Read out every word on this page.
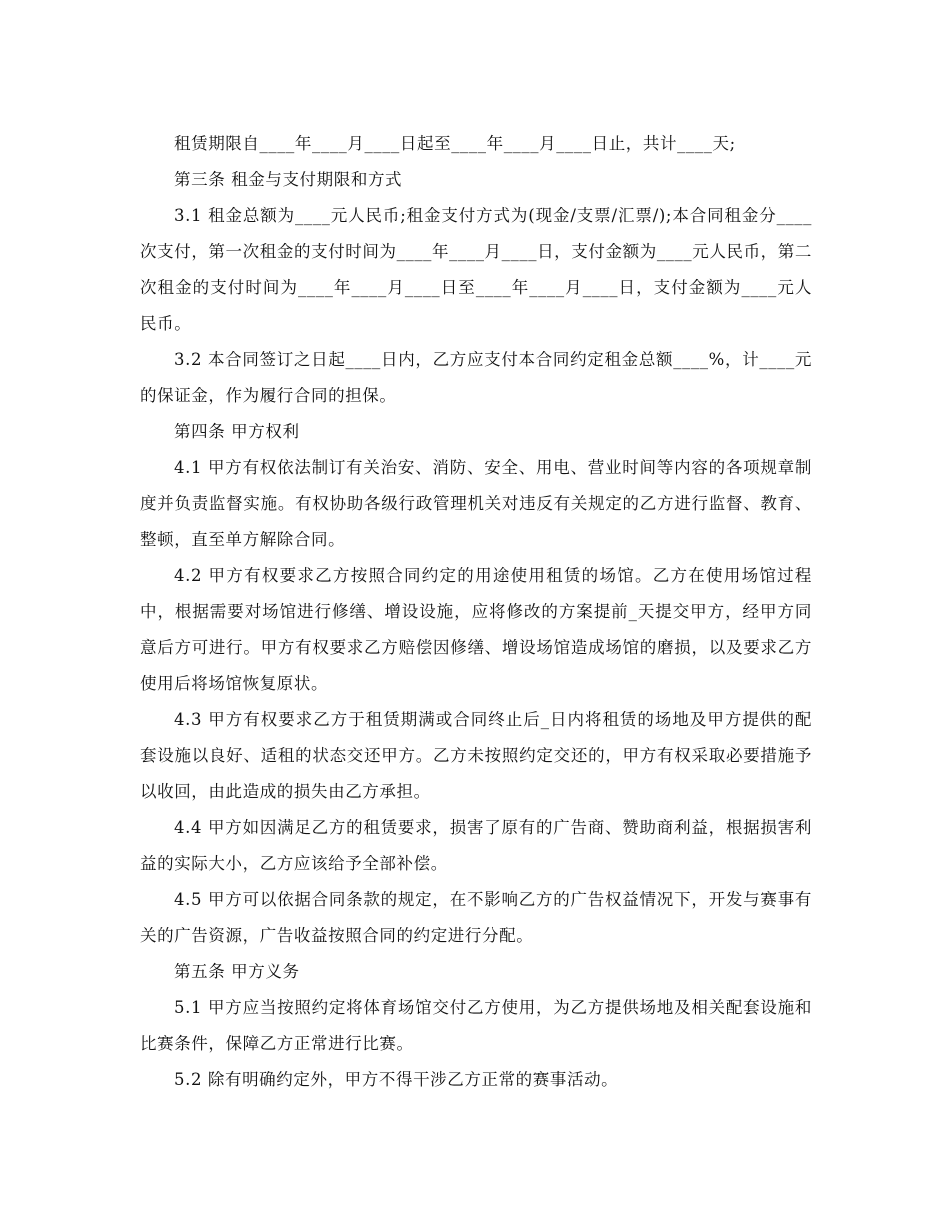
租赁期限自____年____月____日起至____年____月____日止，共计____天;

第三条 租金与支付期限和方式

3.1 租金总额为____元人民币;租金支付方式为(现金/支票/汇票/);本合同租金分____次支付，第一次租金的支付时间为____年____月____日，支付金额为____元人民币，第二次租金的支付时间为____年____月____日至____年____月____日，支付金额为____元人民币。

3.2 本合同签订之日起____日内，乙方应支付本合同约定租金总额____%，计____元的保证金，作为履行合同的担保。

第四条 甲方权利

4.1 甲方有权依法制订有关治安、消防、安全、用电、营业时间等内容的各项规章制度并负责监督实施。有权协助各级行政管理机关对违反有关规定的乙方进行监督、教育、整顿，直至单方解除合同。

4.2 甲方有权要求乙方按照合同约定的用途使用租赁的场馆。乙方在使用场馆过程中，根据需要对场馆进行修缮、增设设施，应将修改的方案提前_天提交甲方，经甲方同意后方可进行。甲方有权要求乙方赔偿因修缮、增设场馆造成场馆的磨损，以及要求乙方使用后将场馆恢复原状。

4.3 甲方有权要求乙方于租赁期满或合同终止后_日内将租赁的场地及甲方提供的配套设施以良好、适租的状态交还甲方。乙方未按照约定交还的，甲方有权采取必要措施予以收回，由此造成的损失由乙方承担。

4.4 甲方如因满足乙方的租赁要求，损害了原有的广告商、赞助商利益，根据损害利益的实际大小，乙方应该给予全部补偿。

4.5 甲方可以依据合同条款的规定，在不影响乙方的广告权益情况下，开发与赛事有关的广告资源，广告收益按照合同的约定进行分配。

第五条 甲方义务

5.1 甲方应当按照约定将体育场馆交付乙方使用，为乙方提供场地及相关配套设施和比赛条件，保障乙方正常进行比赛。

5.2 除有明确约定外，甲方不得干涉乙方正常的赛事活动。
